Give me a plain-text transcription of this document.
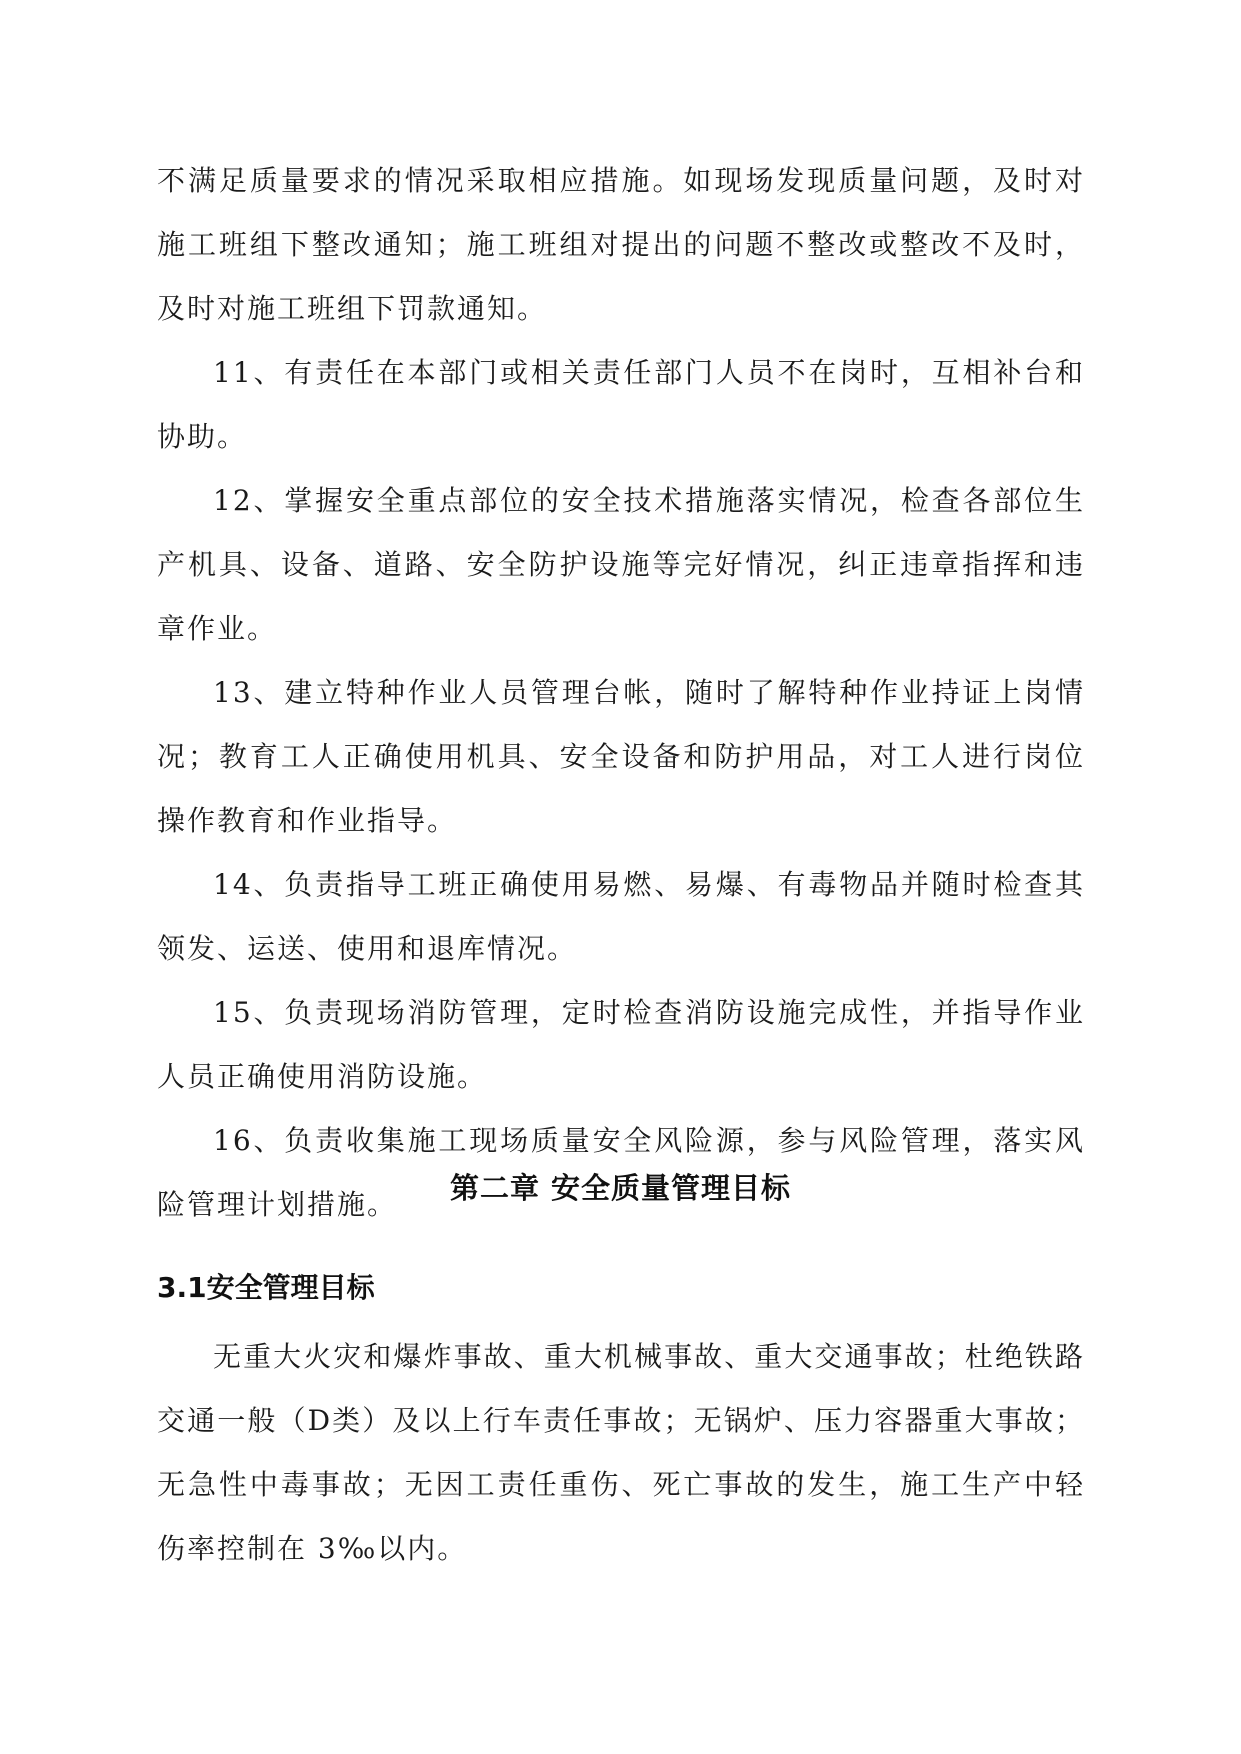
不满足质量要求的情况采取相应措施。如现场发现质量问题，及时对施工班组下整改通知；施工班组对提出的问题不整改或整改不及时，及时对施工班组下罚款通知。

11、有责任在本部门或相关责任部门人员不在岗时，互相补台和协助。

12、掌握安全重点部位的安全技术措施落实情况，检查各部位生产机具、设备、道路、安全防护设施等完好情况，纠正违章指挥和违章作业。

13、建立特种作业人员管理台帐，随时了解特种作业持证上岗情况；教育工人正确使用机具、安全设备和防护用品，对工人进行岗位操作教育和作业指导。

14、负责指导工班正确使用易燃、易爆、有毒物品并随时检查其领发、运送、使用和退库情况。

15、负责现场消防管理，定时检查消防设施完成性，并指导作业人员正确使用消防设施。

16、负责收集施工现场质量安全风险源，参与风险管理，落实风险管理计划措施。	第二章 安全质量管理目标
3.1安全管理目标

无重大火灾和爆炸事故、重大机械事故、重大交通事故；杜绝铁路交通一般（D类）及以上行车责任事故；无锅炉、压力容器重大事故；无急性中毒事故；无因工责任重伤、死亡事故的发生，施工生产中轻伤率控制在 3‰以内。
